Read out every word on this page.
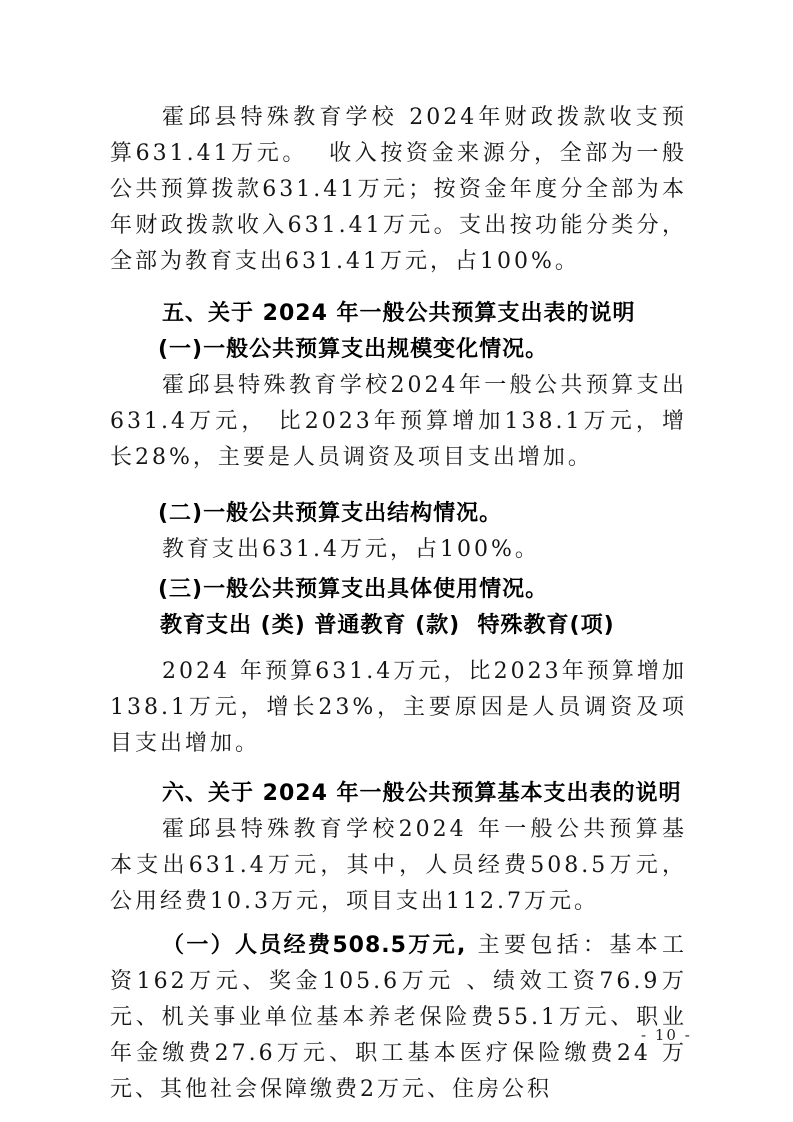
霍邱县特殊教育学校 2024年财政拨款收支预算631.41万元。  收入按资金来源分，全部为一般公共预算拨款631.41万元；按资金年度分全部为本年财政拨款收入631.41万元。支出按功能分类分，全部为教育支出631.41万元，占100%。

五、关于 2024 年一般公共预算支出表的说明
(一)一般公共预算支出规模变化情况。

霍邱县特殊教育学校2024年一般公共预算支出631.4万元， 比2023年预算增加138.1万元，增长28%，主要是人员调资及项目支出增加。

(二)一般公共预算支出结构情况。

教育支出631.4万元，占100%。

(三)一般公共预算支出具体使用情况。

教育支出 (类) 普通教育 (款)  特殊教育(项)

2024 年预算631.4万元，比2023年预算增加138.1万元，增长23%，主要原因是人员调资及项目支出增加。

六、关于 2024 年一般公共预算基本支出表的说明

霍邱县特殊教育学校2024 年一般公共预算基本支出631.4万元，其中，人员经费508.5万元，公用经费10.3万元，项目支出112.7万元。

（一）人员经费508.5万元, 主要包括：基本工资162万元、奖金105.6万元 、绩效工资76.9万元、机关事业单位基本养老保险费55.1万元、职业年金缴费27.6万元、职工基本医疗保险缴费24 万元、其他社会保障缴费2万元、住房公积

- 10 -
